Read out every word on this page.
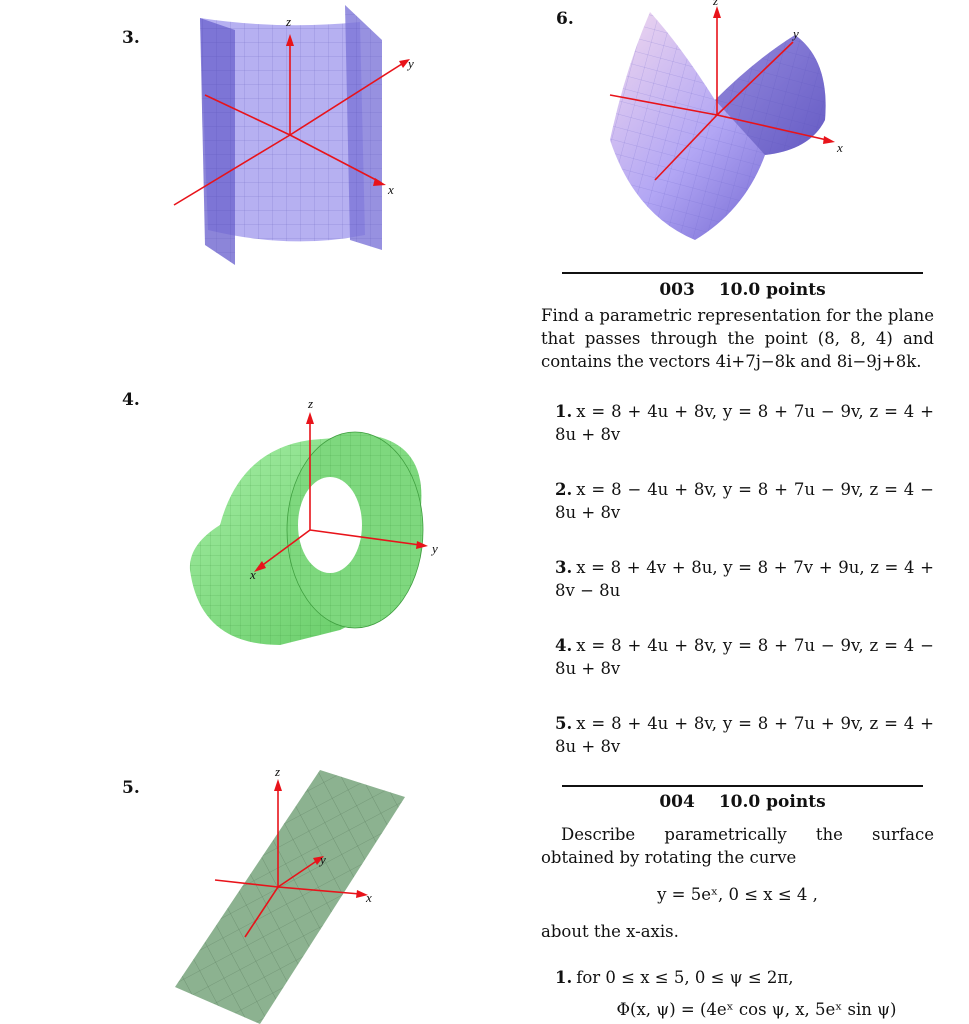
3.
4.
5.
6.
z
y
x
z
y
x
z
y
x
z
y
x
003 10.0 points
Find a parametric representation for the plane that passes through the point (8, 8, 4) and contains the vectors 4i+7j−8k and 8i−9j+8k.
1. x = 8 + 4u + 8v, y = 8 + 7u − 9v, z = 4 + 8u + 8v
2. x = 8 − 4u + 8v, y = 8 + 7u − 9v, z = 4 − 8u + 8v
3. x = 8 + 4v + 8u, y = 8 + 7v + 9u, z = 4 + 8v − 8u
4. x = 8 + 4u + 8v, y = 8 + 7u − 9v, z = 4 − 8u + 8v
5. x = 8 + 4u + 8v, y = 8 + 7u + 9v, z = 4 + 8u + 8v
004 10.0 points
Describe parametrically the surface obtained by rotating the curve
y = 5eˣ, 0 ≤ x ≤ 4 ,
about the x-axis.
1. for 0 ≤ x ≤ 5, 0 ≤ ψ ≤ 2π,
Φ(x, ψ) = (4eˣ cos ψ, x, 5eˣ sin ψ)
